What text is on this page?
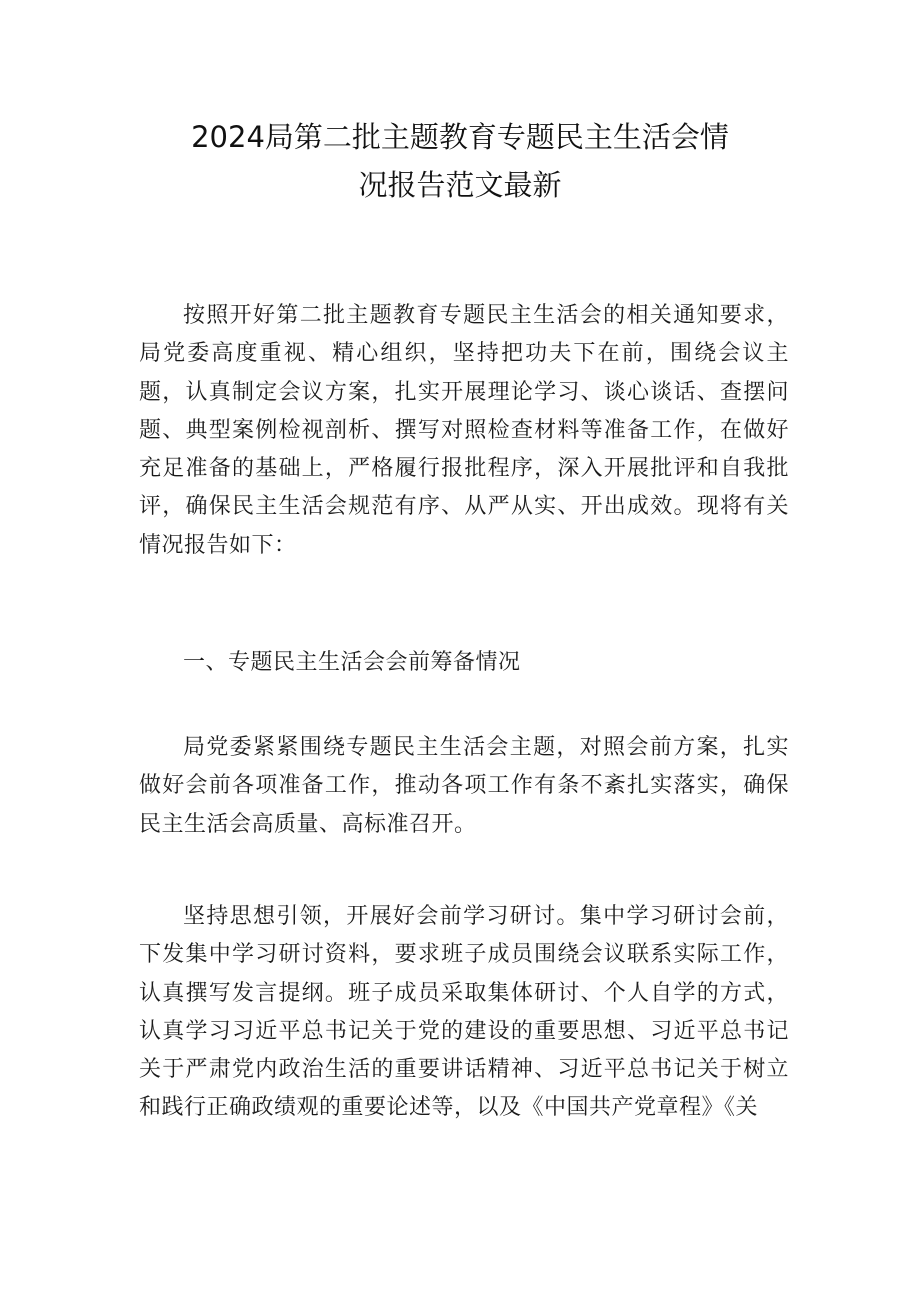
2024局第二批主题教育专题民主生活会情
况报告范文最新

按照开好第二批主题教育专题民主生活会的相关通知要求，局党委高度重视、精心组织，坚持把功夫下在前，围绕会议主题，认真制定会议方案，扎实开展理论学习、谈心谈话、查摆问题、典型案例检视剖析、撰写对照检查材料等准备工作，在做好充足准备的基础上，严格履行报批程序，深入开展批评和自我批评，确保民主生活会规范有序、从严从实、开出成效。现将有关情况报告如下：

一、专题民主生活会会前筹备情况

局党委紧紧围绕专题民主生活会主题，对照会前方案，扎实做好会前各项准备工作，推动各项工作有条不紊扎实落实，确保民主生活会高质量、高标准召开。

坚持思想引领，开展好会前学习研讨。集中学习研讨会前，下发集中学习研讨资料，要求班子成员围绕会议联系实际工作，认真撰写发言提纲。班子成员采取集体研讨、个人自学的方式，认真学习习近平总书记关于党的建设的重要思想、习近平总书记关于严肃党内政治生活的重要讲话精神、习近平总书记关于树立和践行正确政绩观的重要论述等，以及《中国共产党章程》《关
